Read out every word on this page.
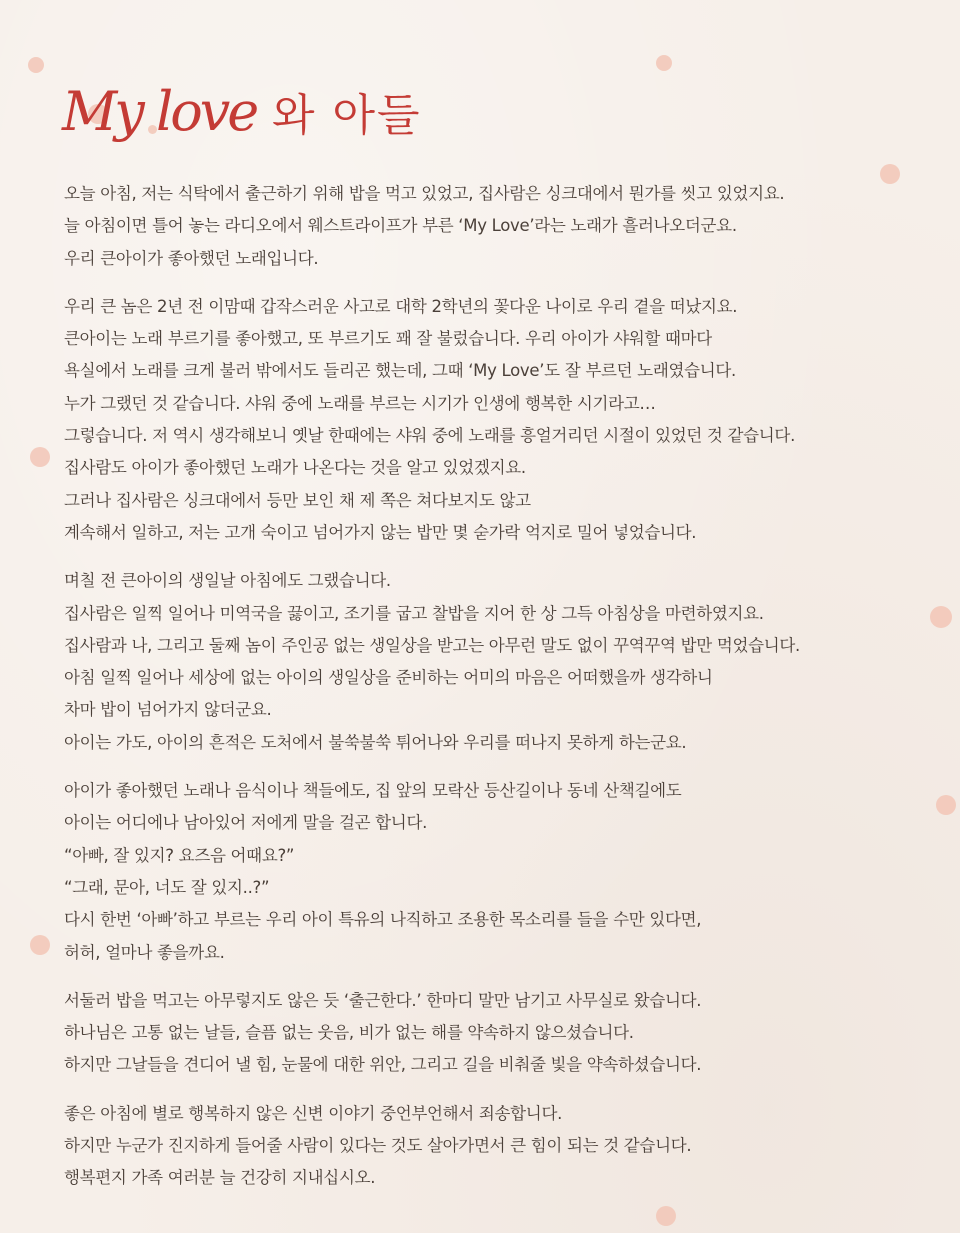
My love 와 아들
오늘 아침, 저는 식탁에서 출근하기 위해 밥을 먹고 있었고, 집사람은 싱크대에서 뭔가를 씻고 있었지요.
늘 아침이면 틀어 놓는 라디오에서 웨스트라이프가 부른 ‘My Love’라는 노래가 흘러나오더군요.
우리 큰아이가 좋아했던 노래입니다.
우리 큰 놈은 2년 전 이맘때 갑작스러운 사고로 대학 2학년의 꽃다운 나이로 우리 곁을 떠났지요.
큰아이는 노래 부르기를 좋아했고, 또 부르기도 꽤 잘 불렀습니다. 우리 아이가 샤워할 때마다
욕실에서 노래를 크게 불러 밖에서도 들리곤 했는데, 그때 ‘My Love’도 잘 부르던 노래였습니다.
누가 그랬던 것 같습니다. 샤워 중에 노래를 부르는 시기가 인생에 행복한 시기라고…
그렇습니다. 저 역시 생각해보니 옛날 한때에는 샤워 중에 노래를 흥얼거리던 시절이 있었던 것 같습니다.
집사람도 아이가 좋아했던 노래가 나온다는 것을 알고 있었겠지요.
그러나 집사람은 싱크대에서 등만 보인 채 제 쪽은 쳐다보지도 않고
계속해서 일하고, 저는 고개 숙이고 넘어가지 않는 밥만 몇 숟가락 억지로 밀어 넣었습니다.
며칠 전 큰아이의 생일날 아침에도 그랬습니다.
집사람은 일찍 일어나 미역국을 끓이고, 조기를 굽고 찰밥을 지어 한 상 그득 아침상을 마련하였지요.
집사람과 나, 그리고 둘째 놈이 주인공 없는 생일상을 받고는 아무런 말도 없이 꾸역꾸역 밥만 먹었습니다.
아침 일찍 일어나 세상에 없는 아이의 생일상을 준비하는 어미의 마음은 어떠했을까 생각하니
차마 밥이 넘어가지 않더군요.
아이는 가도, 아이의 흔적은 도처에서 불쑥불쑥 튀어나와 우리를 떠나지 못하게 하는군요.
아이가 좋아했던 노래나 음식이나 책들에도, 집 앞의 모락산 등산길이나 동네 산책길에도
아이는 어디에나 남아있어 저에게 말을 걸곤 합니다.
“아빠, 잘 있지? 요즈음 어때요?”
“그래, 문아, 너도 잘 있지..?”
다시 한번 ‘아빠’하고 부르는 우리 아이 특유의 나직하고 조용한 목소리를 들을 수만 있다면,
허허, 얼마나 좋을까요.
서둘러 밥을 먹고는 아무렇지도 않은 듯 ‘출근한다.’ 한마디 말만 남기고 사무실로 왔습니다.
하나님은 고통 없는 날들, 슬픔 없는 웃음, 비가 없는 해를 약속하지 않으셨습니다.
하지만 그날들을 견디어 낼 힘, 눈물에 대한 위안, 그리고 길을 비춰줄 빛을 약속하셨습니다.
좋은 아침에 별로 행복하지 않은 신변 이야기 중언부언해서 죄송합니다.
하지만 누군가 진지하게 들어줄 사람이 있다는 것도 살아가면서 큰 힘이 되는 것 같습니다.
행복편지 가족 여러분 늘 건강히 지내십시오.
